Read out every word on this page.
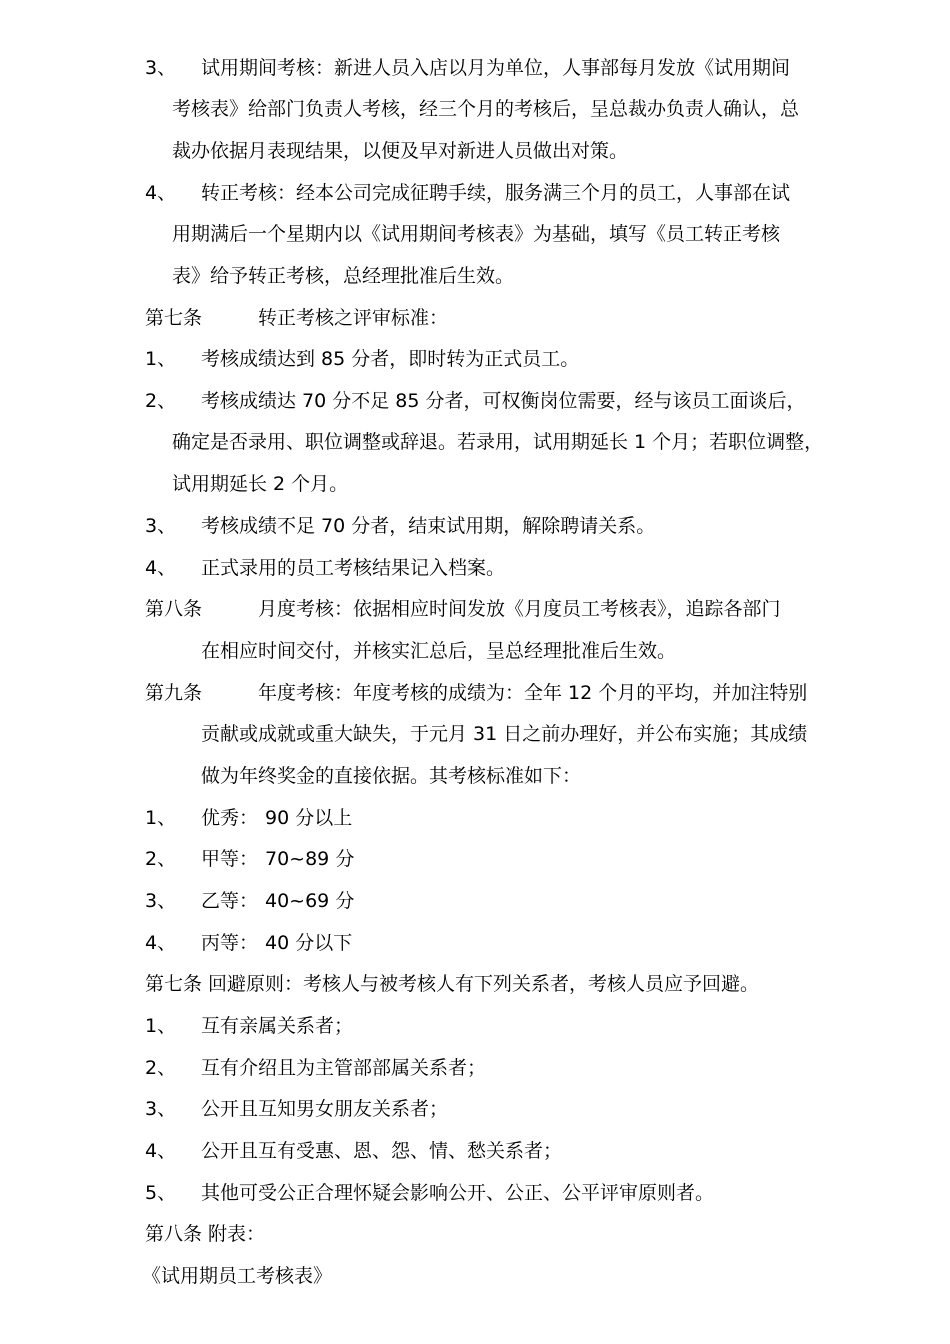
3、 试用期间考核：新进人员入店以月为单位，人事部每月发放《试用期间
考核表》给部门负责人考核，经三个月的考核后，呈总裁办负责人确认，总
裁办依据月表现结果，以便及早对新进人员做出对策。
4、 转正考核：经本公司完成征聘手续，服务满三个月的员工，人事部在试
用期满后一个星期内以《试用期间考核表》为基础，填写《员工转正考核
表》给予转正考核，总经理批准后生效。
第七条	转正考核之评审标准：
1、 考核成绩达到 85 分者，即时转为正式员工。
2、 考核成绩达 70 分不足 85 分者，可权衡岗位需要，经与该员工面谈后，
确定是否录用、职位调整或辞退。若录用，试用期延长 1 个月；若职位调整，
试用期延长 2 个月。
3、 考核成绩不足 70 分者，结束试用期，解除聘请关系。
4、 正式录用的员工考核结果记入档案。
第八条	月度考核：依据相应时间发放《月度员工考核表》，追踪各部门
在相应时间交付，并核实汇总后，呈总经理批准后生效。
第九条	年度考核：年度考核的成绩为：全年 12 个月的平均，并加注特别
贡献或成就或重大缺失，于元月 31 日之前办理好，并公布实施；其成绩
做为年终奖金的直接依据。其考核标准如下：
1、 优秀： 90 分以上
2、 甲等： 70~89 分
3、 乙等： 40~69 分
4、 丙等： 40 分以下
第七条 回避原则：考核人与被考核人有下列关系者，考核人员应予回避。
1、 互有亲属关系者；
2、 互有介绍且为主管部部属关系者；
3、 公开且互知男女朋友关系者；
4、 公开且互有受惠、恩、怨、情、愁关系者；
5、 其他可受公正合理怀疑会影响公开、公正、公平评审原则者。
第八条 附表：
《试用期员工考核表》
